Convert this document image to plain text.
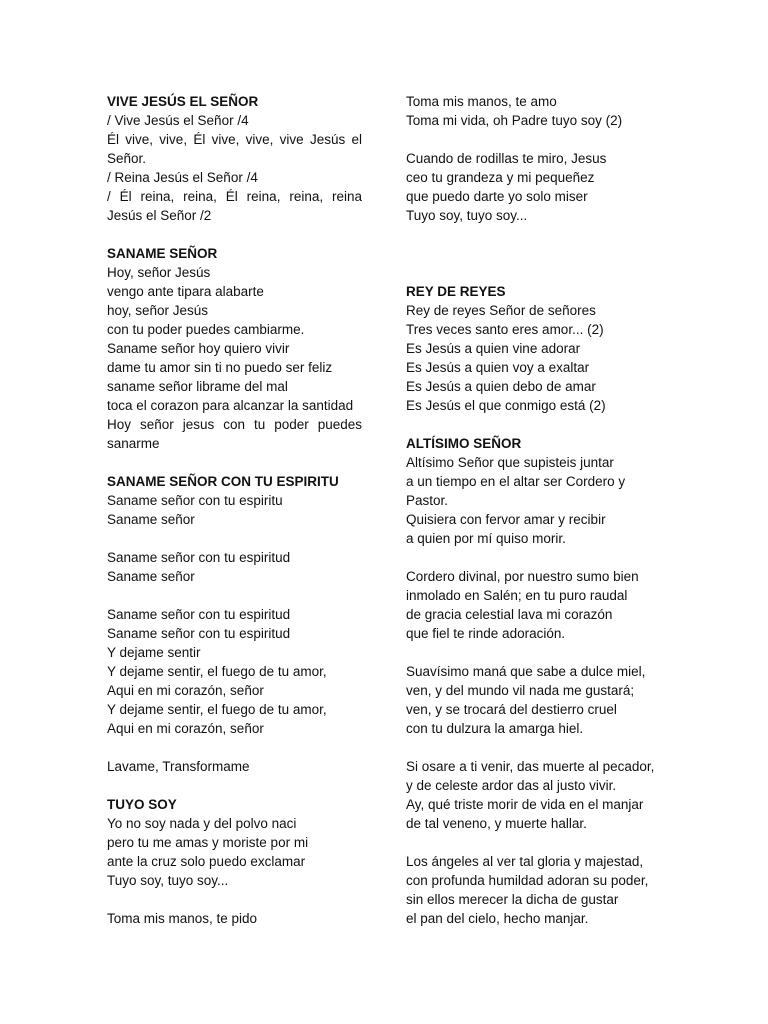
VIVE JESÚS EL SEÑOR
/ Vive Jesús el Señor /4
Él vive, vive, Él vive, vive, vive Jesús el
Señor.
/ Reina Jesús el Señor /4
/ Él reina, reina, Él reina, reina, reina
Jesús el Señor /2
SANAME SEÑOR
Hoy, señor Jesús
vengo ante tipara alabarte
hoy, señor Jesús
con tu poder puedes cambiarme.
Saname señor hoy quiero vivir
dame tu amor sin ti no puedo ser feliz
saname señor librame del mal
toca el corazon para alcanzar la santidad
Hoy señor jesus con tu poder puedes
sanarme
SANAME SEÑOR CON TU ESPIRITU
Saname señor con tu espiritu
Saname señor
Saname señor con tu espiritud
Saname señor
Saname señor con tu espiritud
Saname señor con tu espiritud
Y dejame sentir
Y dejame sentir, el fuego de tu amor,
Aqui en mi corazón, señor
Y dejame sentir, el fuego de tu amor,
Aqui en mi corazón, señor
Lavame, Transformame
TUYO SOY
Yo no soy nada y del polvo naci
pero tu me amas y moriste por mi
ante la cruz solo puedo exclamar
Tuyo soy, tuyo soy...
Toma mis manos, te pido
Toma mis manos, te amo
Toma mi vida, oh Padre tuyo soy (2)
Cuando de rodillas te miro, Jesus
ceo tu grandeza y mi pequeñez
que puedo darte yo solo miser
Tuyo soy, tuyo soy...
REY DE REYES
Rey de reyes Señor de señores
Tres veces santo eres amor... (2)
Es Jesús a quien vine adorar
Es Jesús a quien voy a exaltar
Es Jesús a quien debo de amar
Es Jesús el que conmigo está (2)
ALTÍSIMO SEÑOR
Altísimo Señor que supisteis juntar
a un tiempo en el altar ser Cordero y
Pastor.
Quisiera con fervor amar y recibir
a quien por mí quiso morir.
Cordero divinal, por nuestro sumo bien
inmolado en Salén; en tu puro raudal
de gracia celestial lava mi corazón
que fiel te rinde adoración.
Suavísimo maná que sabe a dulce miel,
ven, y del mundo vil nada me gustará;
ven, y se trocará del destierro cruel
con tu dulzura la amarga hiel.
Si osare a ti venir, das muerte al pecador,
y de celeste ardor das al justo vivir.
Ay, qué triste morir de vida en el manjar
de tal veneno, y muerte hallar.
Los ángeles al ver tal gloria y majestad,
con profunda humildad adoran su poder,
sin ellos merecer la dicha de gustar
el pan del cielo, hecho manjar.
